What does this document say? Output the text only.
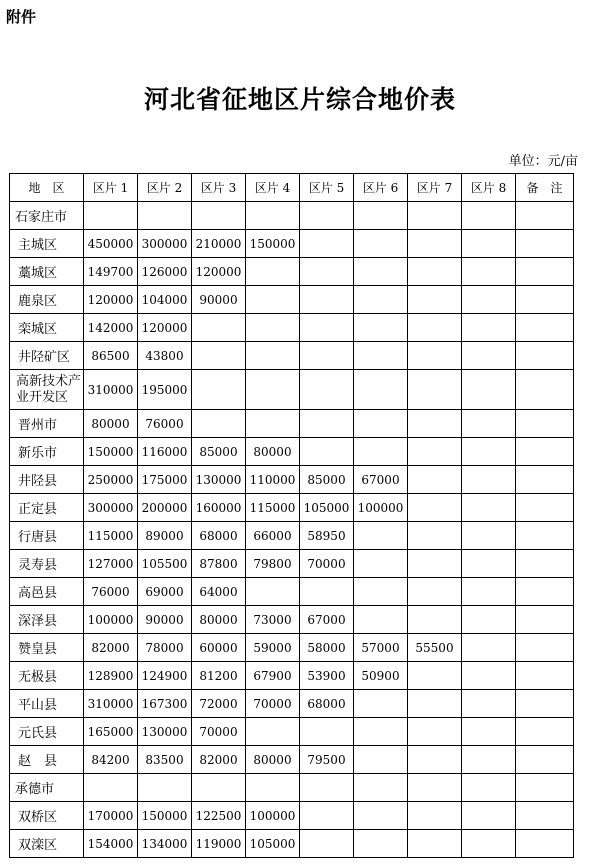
附件
河北省征地区片综合地价表
单位：元/亩
地　区	区片 1	区片 2	区片 3	区片 4	区片 5	区片 6	区片 7	区片 8	备　注
石家庄市									
主城区	450000	300000	210000	150000					
藁城区	149700	126000	120000						
鹿泉区	120000	104000	90000						
栾城区	142000	120000							
井陉矿区	86500	43800							
高新技术产业开发区	310000	195000							
晋州市	80000	76000							
新乐市	150000	116000	85000	80000					
井陉县	250000	175000	130000	110000	85000	67000			
正定县	300000	200000	160000	115000	105000	100000			
行唐县	115000	89000	68000	66000	58950				
灵寿县	127000	105500	87800	79800	70000				
高邑县	76000	69000	64000						
深泽县	100000	90000	80000	73000	67000				
赞皇县	82000	78000	60000	59000	58000	57000	55500		
无极县	128900	124900	81200	67900	53900	50900			
平山县	310000	167300	72000	70000	68000				
元氏县	165000	130000	70000						
赵　县	84200	83500	82000	80000	79500				
承德市									
双桥区	170000	150000	122500	100000					
双滦区	154000	134000	119000	105000					
